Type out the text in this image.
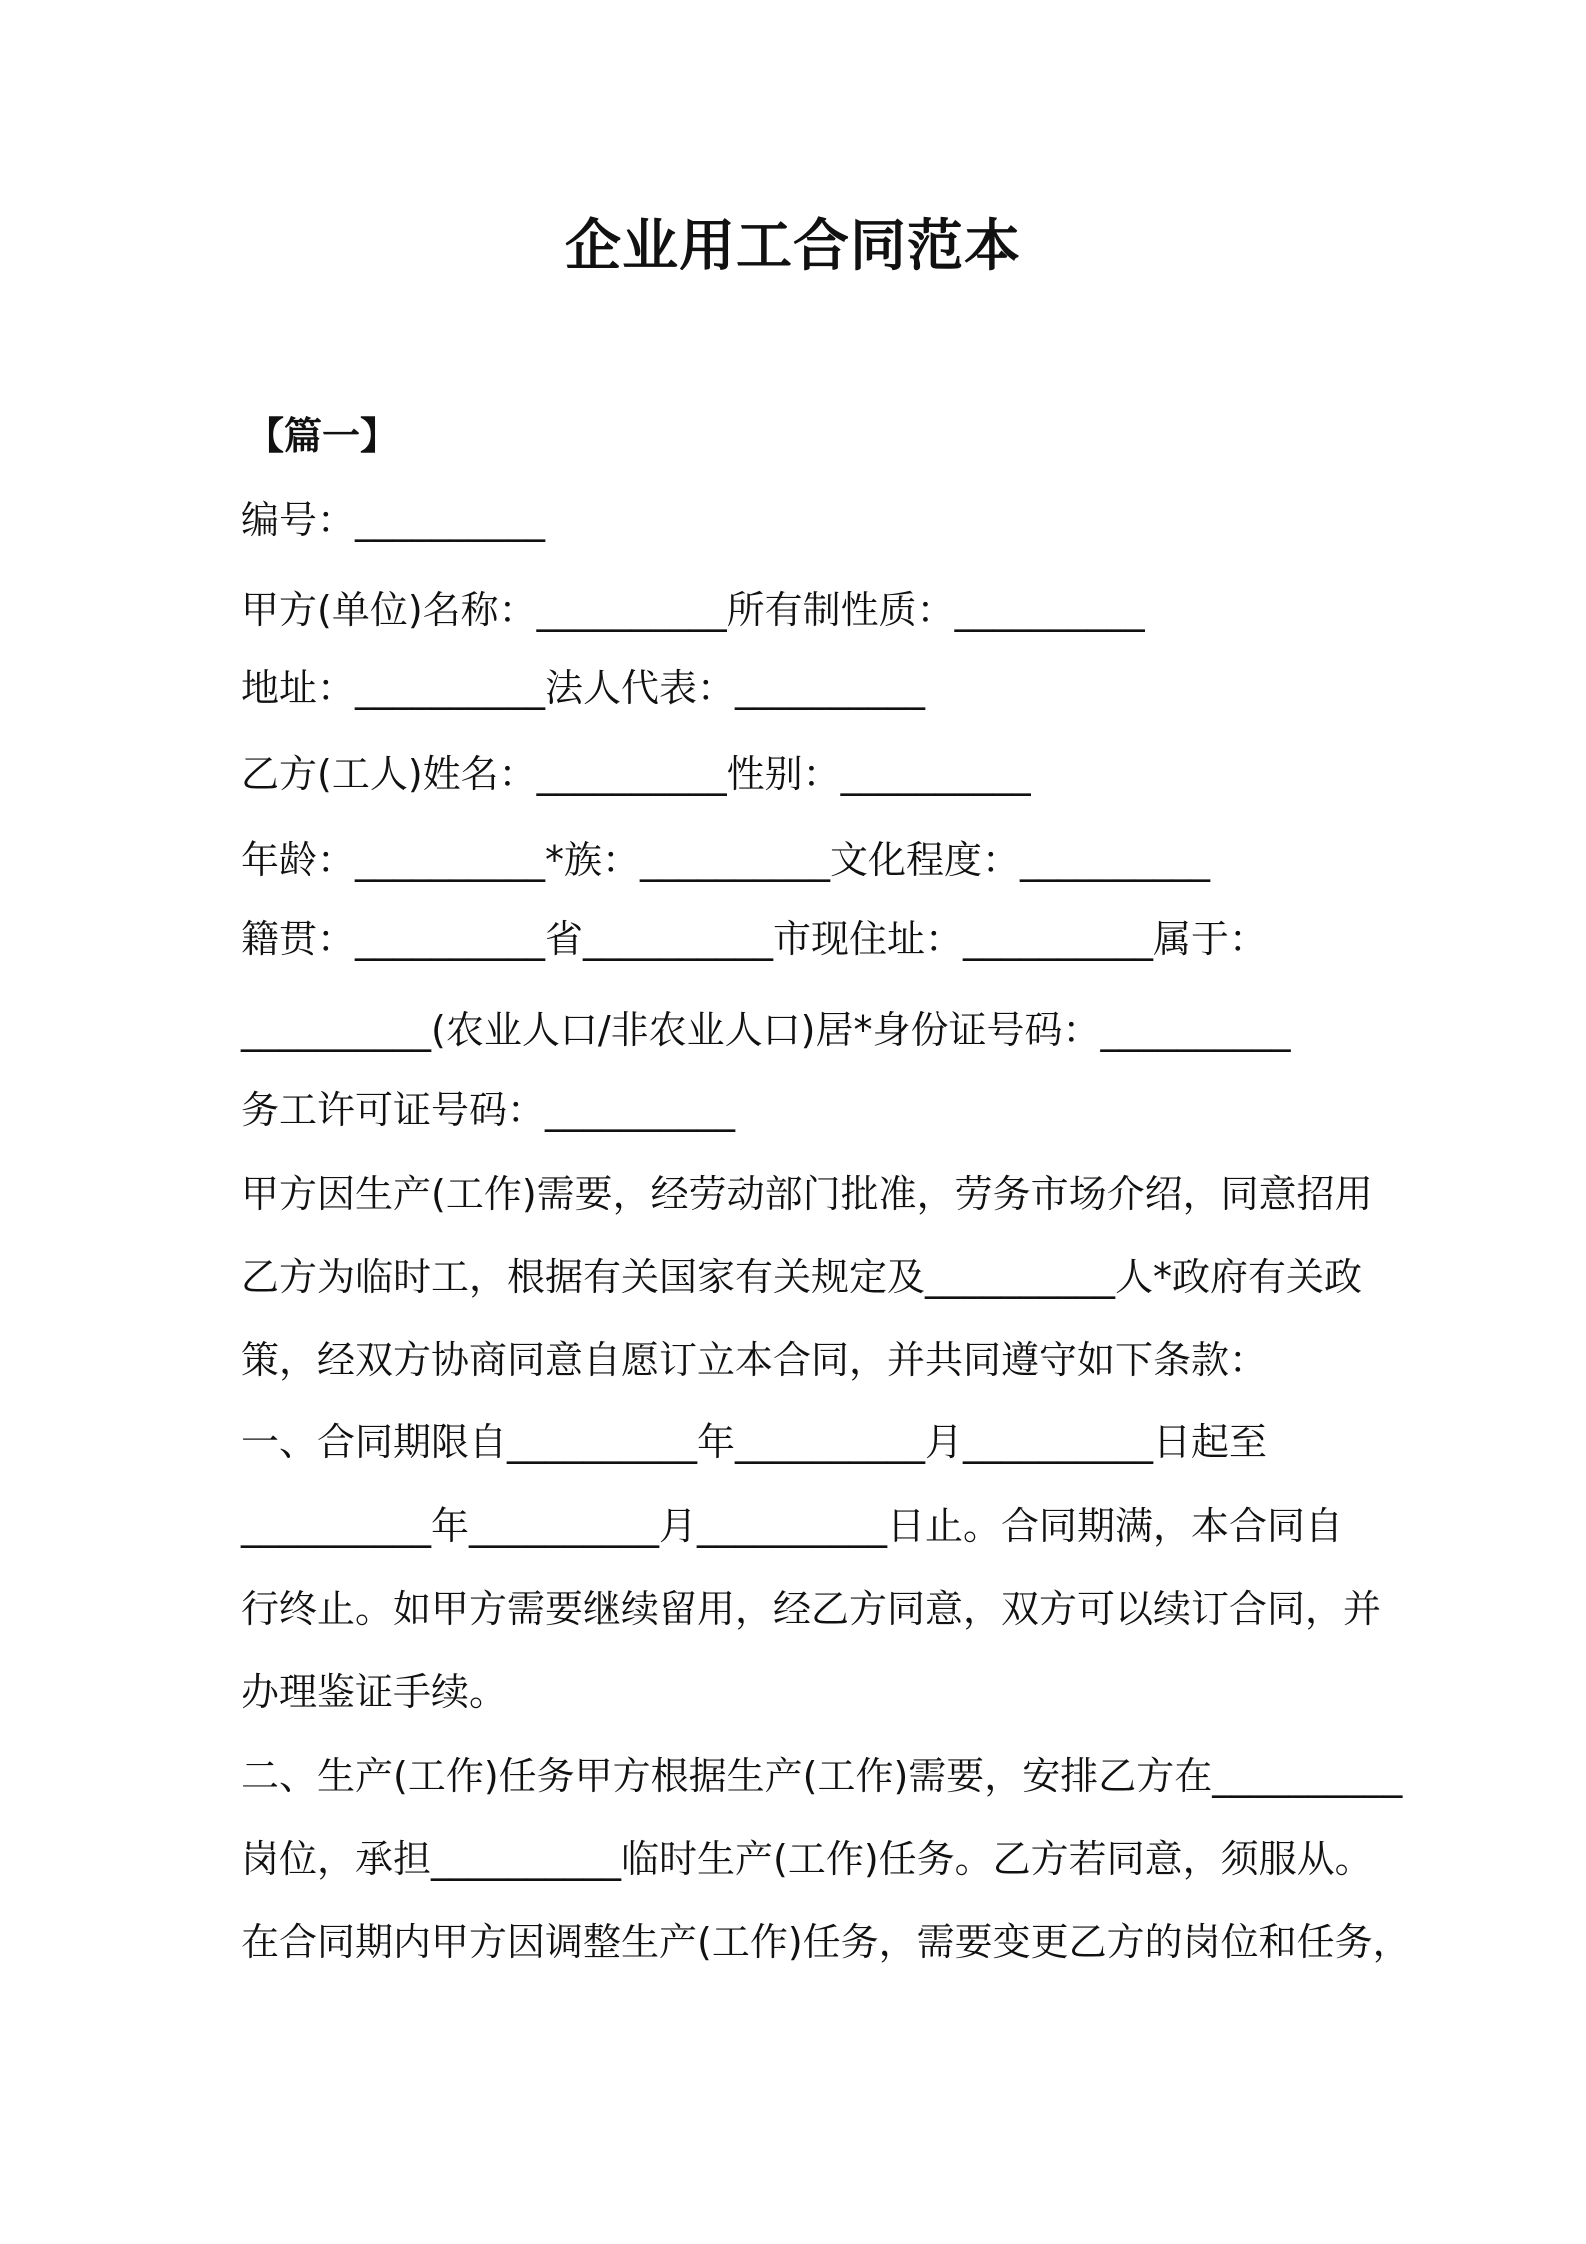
企业用工合同范本

【篇一】

编号：__________

甲方(单位)名称：__________所有制性质：__________

地址：__________法人代表：__________

乙方(工人)姓名：__________性别：__________

年龄：__________*族：__________文化程度：__________

籍贯：__________省__________市现住址：__________属于：

__________(农业人口/非农业人口)居*身份证号码：__________

务工许可证号码：__________

甲方因生产(工作)需要，经劳动部门批准，劳务市场介绍，同意招用

乙方为临时工，根据有关国家有关规定及__________人*政府有关政

策，经双方协商同意自愿订立本合同，并共同遵守如下条款：

一、合同期限自__________年__________月__________日起至

__________年__________月__________日止。合同期满，本合同自

行终止。如甲方需要继续留用，经乙方同意，双方可以续订合同，并

办理鉴证手续。

二、生产(工作)任务甲方根据生产(工作)需要，安排乙方在__________

岗位，承担__________临时生产(工作)任务。乙方若同意，须服从。

在合同期内甲方因调整生产(工作)任务，需要变更乙方的岗位和任务，
